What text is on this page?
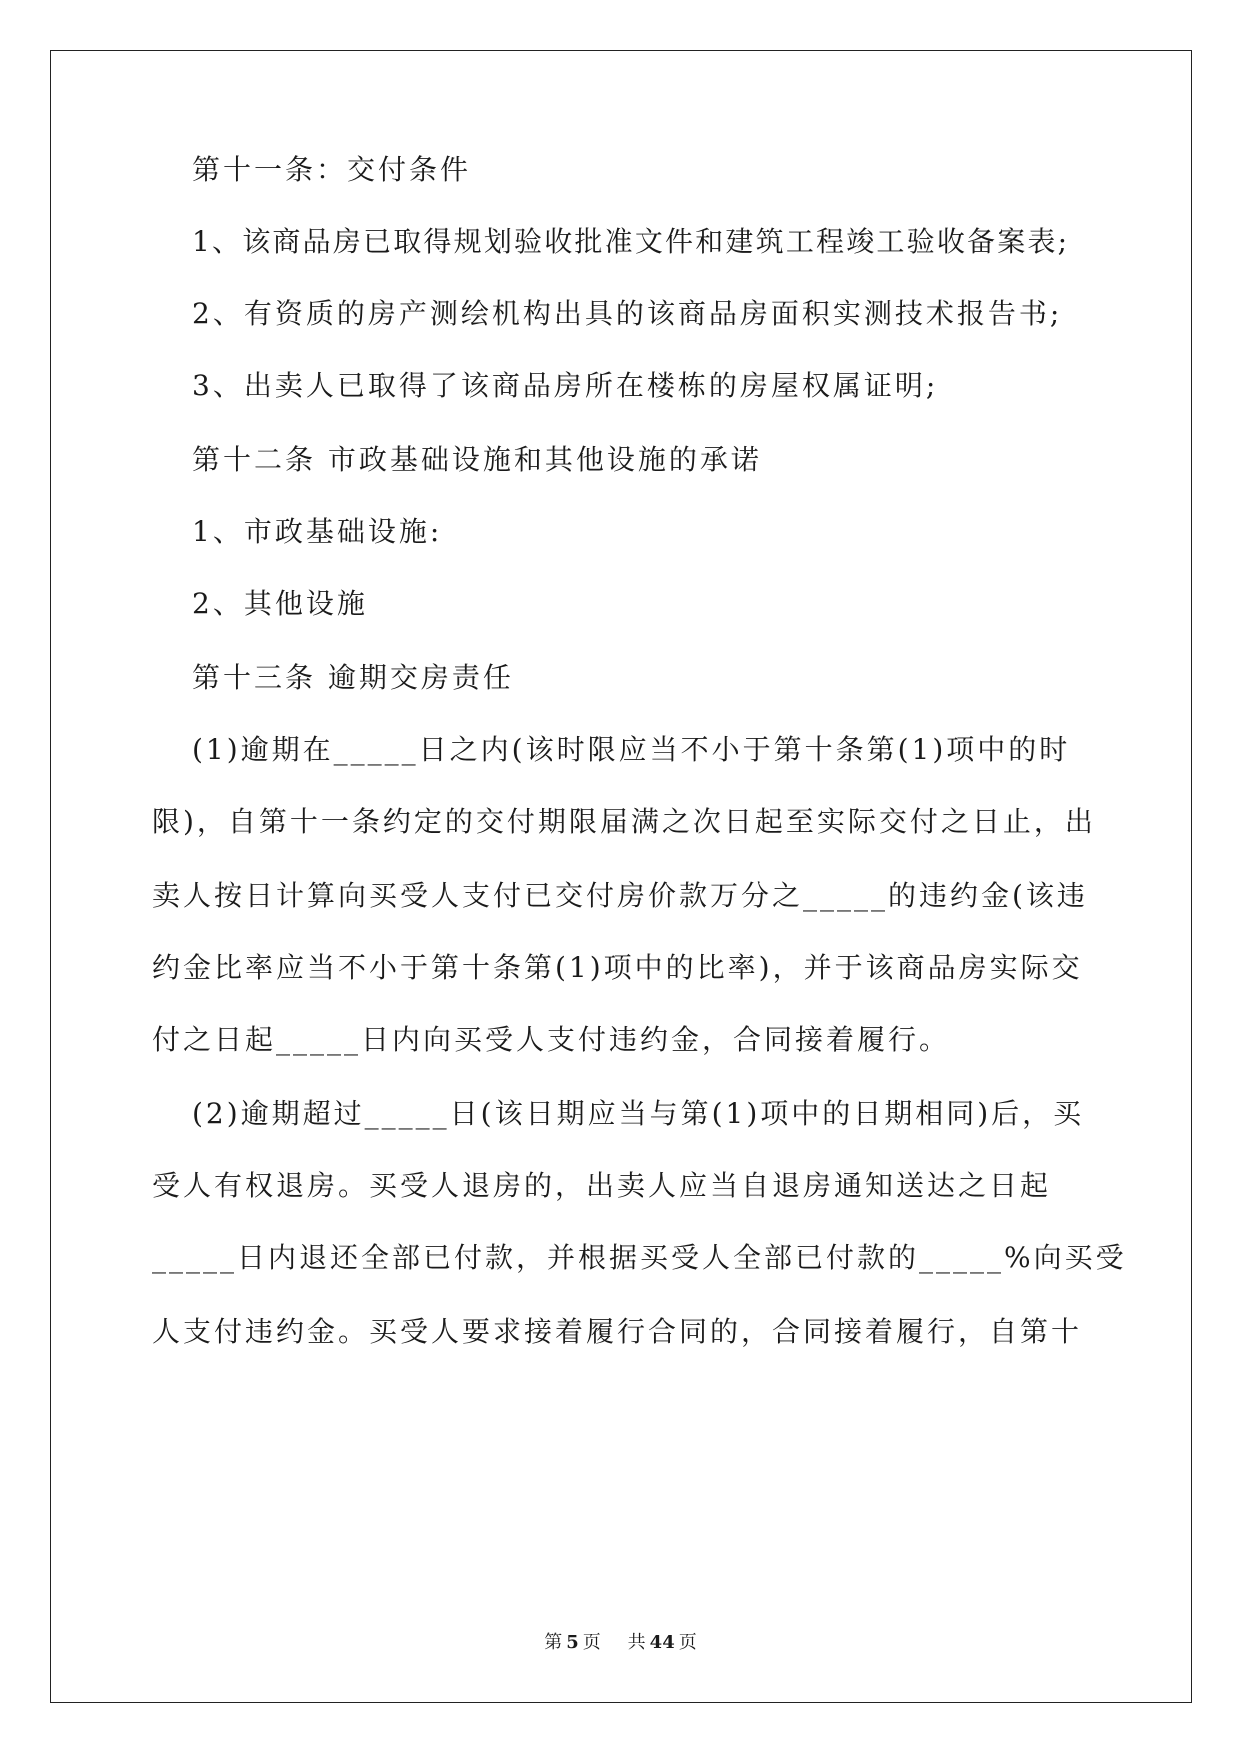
第十一条：交付条件
1、该商品房已取得规划验收批准文件和建筑工程竣工验收备案表;
2、有资质的房产测绘机构出具的该商品房面积实测技术报告书;
3、出卖人已取得了该商品房所在楼栋的房屋权属证明;
第十二条 市政基础设施和其他设施的承诺
1、市政基础设施:
2、其他设施
第十三条 逾期交房责任
(1)逾期在_____日之内(该时限应当不小于第十条第(1)项中的时
限)，自第十一条约定的交付期限届满之次日起至实际交付之日止，出
卖人按日计算向买受人支付已交付房价款万分之_____的违约金(该违
约金比率应当不小于第十条第(1)项中的比率)，并于该商品房实际交
付之日起_____日内向买受人支付违约金，合同接着履行。
(2)逾期超过_____日(该日期应当与第(1)项中的日期相同)后，买
受人有权退房。买受人退房的，出卖人应当自退房通知送达之日起
_____日内退还全部已付款，并根据买受人全部已付款的_____%向买受
人支付违约金。买受人要求接着履行合同的，合同接着履行，自第十
第 5 页 共 44 页
